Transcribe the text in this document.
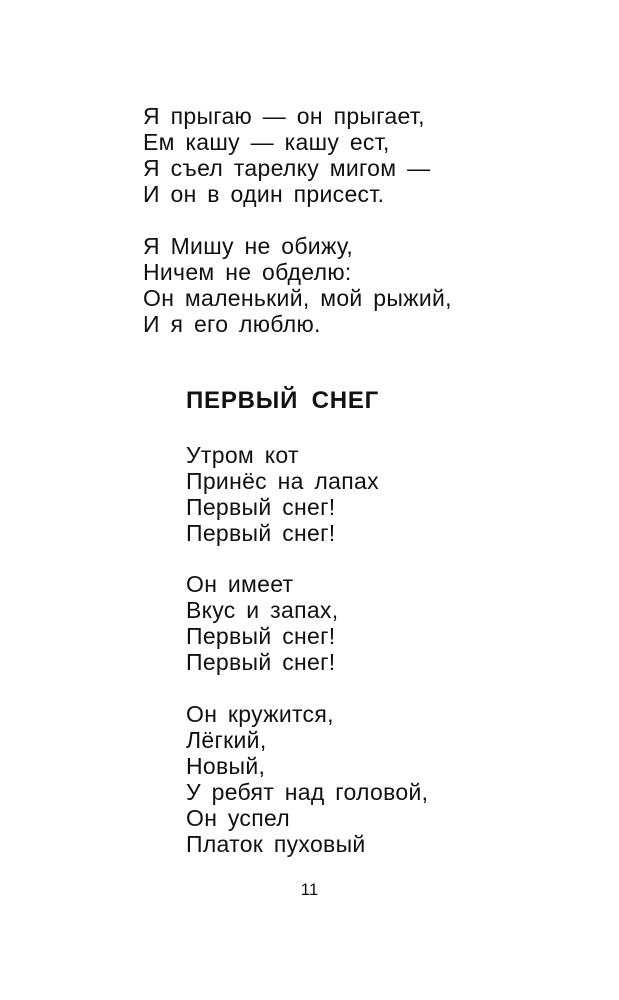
Я прыгаю — он прыгает,
Ем кашу — кашу ест,
Я съел тарелку мигом —
И он в один присест.
Я Мишу не обижу,
Ничем не обделю:
Он маленький, мой рыжий,
И я его люблю.
ПЕРВЫЙ СНЕГ
Утром кот
Принёс на лапах
Первый снег!
Первый снег!
Он имеет
Вкус и запах,
Первый снег!
Первый снег!
Он кружится,
Лёгкий,
Новый,
У ребят над головой,
Он успел
Платок пуховый
11
